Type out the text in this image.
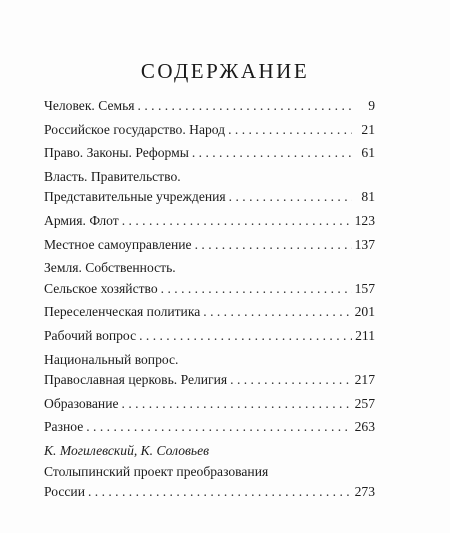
СОДЕРЖАНИЕ
Человек. Семья . . .	9
Российское государство. Народ . . .	21
Право. Законы. Реформы . . .	61
Власть. Правительство.
Представительные учреждения . . .	81
Армия. Флот . . .	123
Местное самоуправление . . .	137
Земля. Собственность.
Сельское хозяйство . . .	157
Переселенческая политика . . .	201
Рабочий вопрос . . .	211
Национальный вопрос.
Православная церковь. Религия . . .	217
Образование . . .	257
Разное . . .	263
К. Могилевский, К. Соловьев
Столыпинский проект преобразования
России . . .	273
